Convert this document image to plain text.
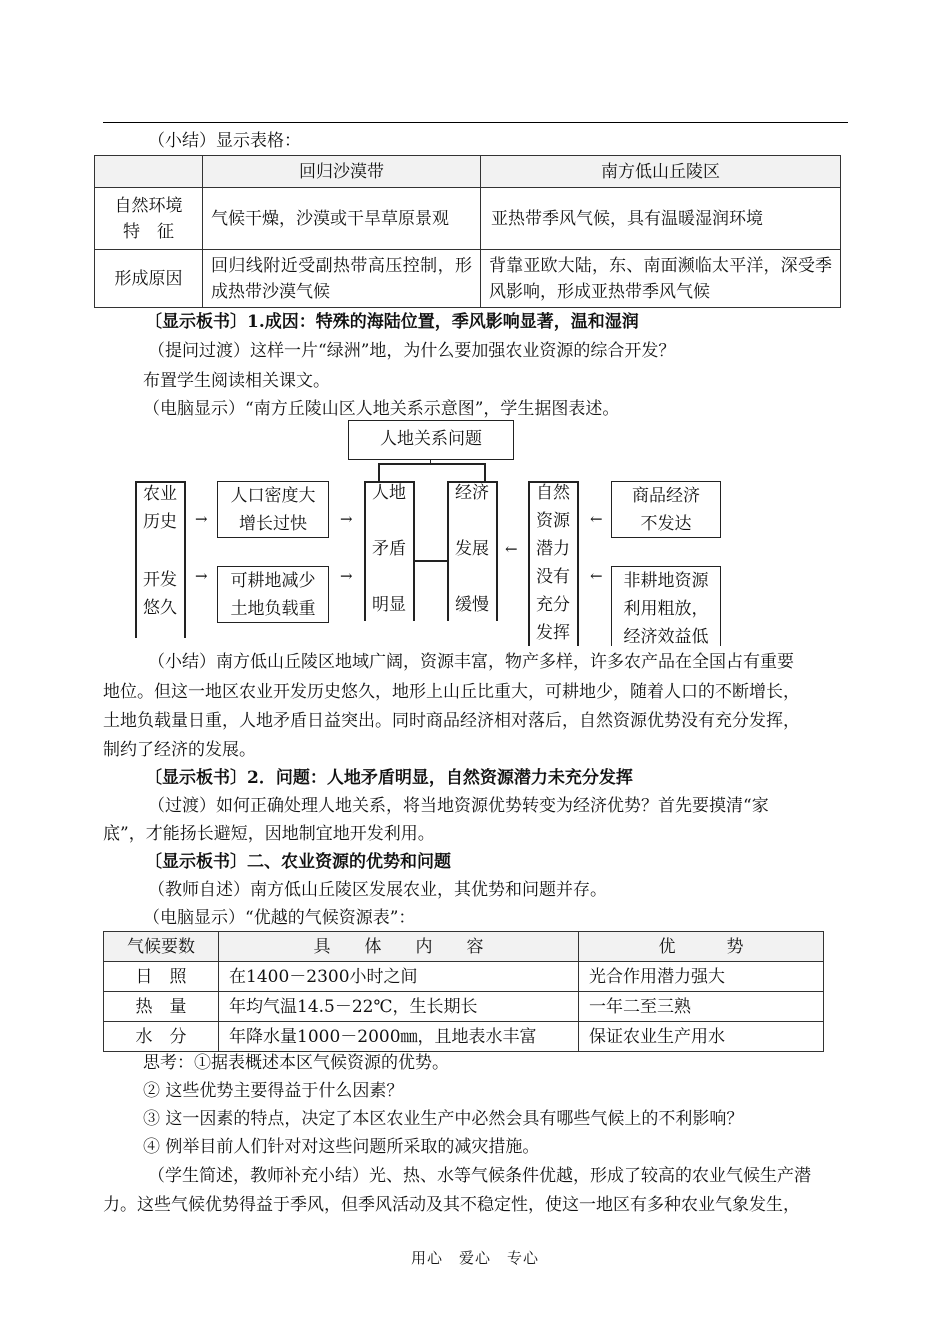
（小结）显示表格：
	回归沙漠带	南方低山丘陵区

自然环境
特　征	气候干燥，沙漠或干旱草原景观	亚热带季风气候，具有温暖湿润环境
形成原因	回归线附近受副热带高压控制，形成热带沙漠气候	背靠亚欧大陆，东、南面濒临太平洋，深受季风影响，形成亚热带季风气候
〔显示板书〕1.成因：特殊的海陆位置，季风影响显著，温和湿润
（提问过渡）这样一片“绿洲”地，为什么要加强农业资源的综合开发？
布置学生阅读相关课文。
（电脑显示）“南方丘陵山区人地关系示意图”，学生据图表述。
人地关系问题
农业
历史
开发
悠久
→
→
人口密度大
增长过快
可耕地减少
土地负载重
→
→
人地
矛盾
明显
经济
发展
缓慢
←
自然
资源
潜力
没有
充分
发挥
←
←
商品经济
不发达
非耕地资源
利用粗放，
经济效益低
（小结）南方低山丘陵区地域广阔，资源丰富，物产多样，许多农产品在全国占有重要
地位。但这一地区农业开发历史悠久，地形上山丘比重大，可耕地少，随着人口的不断增长，
土地负载量日重，人地矛盾日益突出。同时商品经济相对落后，自然资源优势没有充分发挥，
制约了经济的发展。
〔显示板书〕2．问题：人地矛盾明显，自然资源潜力未充分发挥
（过渡）如何正确处理人地关系，将当地资源优势转变为经济优势？首先要摸清“家
底”，才能扬长避短，因地制宜地开发利用。
〔显示板书〕二、农业资源的优势和问题
（教师自述）南方低山丘陵区发展农业，其优势和问题并存。
（电脑显示）“优越的气候资源表”：
气候要数	具　　体　　内　　容	优　　　势
日　照	在1400－2300小时之间	光合作用潜力强大
热　量	年均气温14.5－22℃，生长期长	一年二至三熟
水　分	年降水量1000－2000㎜，且地表水丰富	保证农业生产用水
思考：①据表概述本区气候资源的优势。
② 这些优势主要得益于什么因素？
③ 这一因素的特点，决定了本区农业生产中必然会具有哪些气候上的不利影响？
④ 例举目前人们针对对这些问题所采取的减灾措施。
（学生简述，教师补充小结）光、热、水等气候条件优越，形成了较高的农业气候生产潜
力。这些气候优势得益于季风，但季风活动及其不稳定性，使这一地区有多种农业气象发生，
用心　爱心　专心
